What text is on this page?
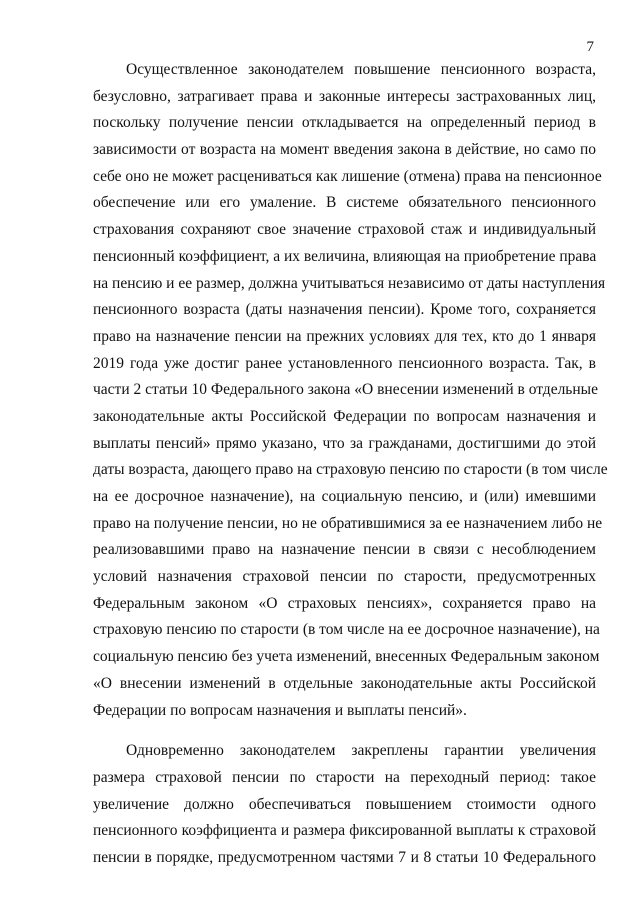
7
Осуществленное законодателем повышение пенсионного возраста,
безусловно, затрагивает права и законные интересы застрахованных лиц,
поскольку получение пенсии откладывается на определенный период в
зависимости от возраста на момент введения закона в действие, но само по
себе оно не может расцениваться как лишение (отмена) права на пенсионное
обеспечение или его умаление. В системе обязательного пенсионного
страхования сохраняют свое значение страховой стаж и индивидуальный
пенсионный коэффициент, а их величина, влияющая на приобретение права
на пенсию и ее размер, должна учитываться независимо от даты наступления
пенсионного возраста (даты назначения пенсии). Кроме того, сохраняется
право на назначение пенсии на прежних условиях для тех, кто до 1 января
2019 года уже достиг ранее установленного пенсионного возраста. Так, в
части 2 статьи 10 Федерального закона «О внесении изменений в отдельные
законодательные акты Российской Федерации по вопросам назначения и
выплаты пенсий» прямо указано, что за гражданами, достигшими до этой
даты возраста, дающего право на страховую пенсию по старости (в том числе
на ее досрочное назначение), на социальную пенсию, и (или) имевшими
право на получение пенсии, но не обратившимися за ее назначением либо не
реализовавшими право на назначение пенсии в связи с несоблюдением
условий назначения страховой пенсии по старости, предусмотренных
Федеральным законом «О страховых пенсиях», сохраняется право на
страховую пенсию по старости (в том числе на ее досрочное назначение), на
социальную пенсию без учета изменений, внесенных Федеральным законом
«О внесении изменений в отдельные законодательные акты Российской
Федерации по вопросам назначения и выплаты пенсий».
Одновременно законодателем закреплены гарантии увеличения
размера страховой пенсии по старости на переходный период: такое
увеличение должно обеспечиваться повышением стоимости одного
пенсионного коэффициента и размера фиксированной выплаты к страховой
пенсии в порядке, предусмотренном частями 7 и 8 статьи 10 Федерального
